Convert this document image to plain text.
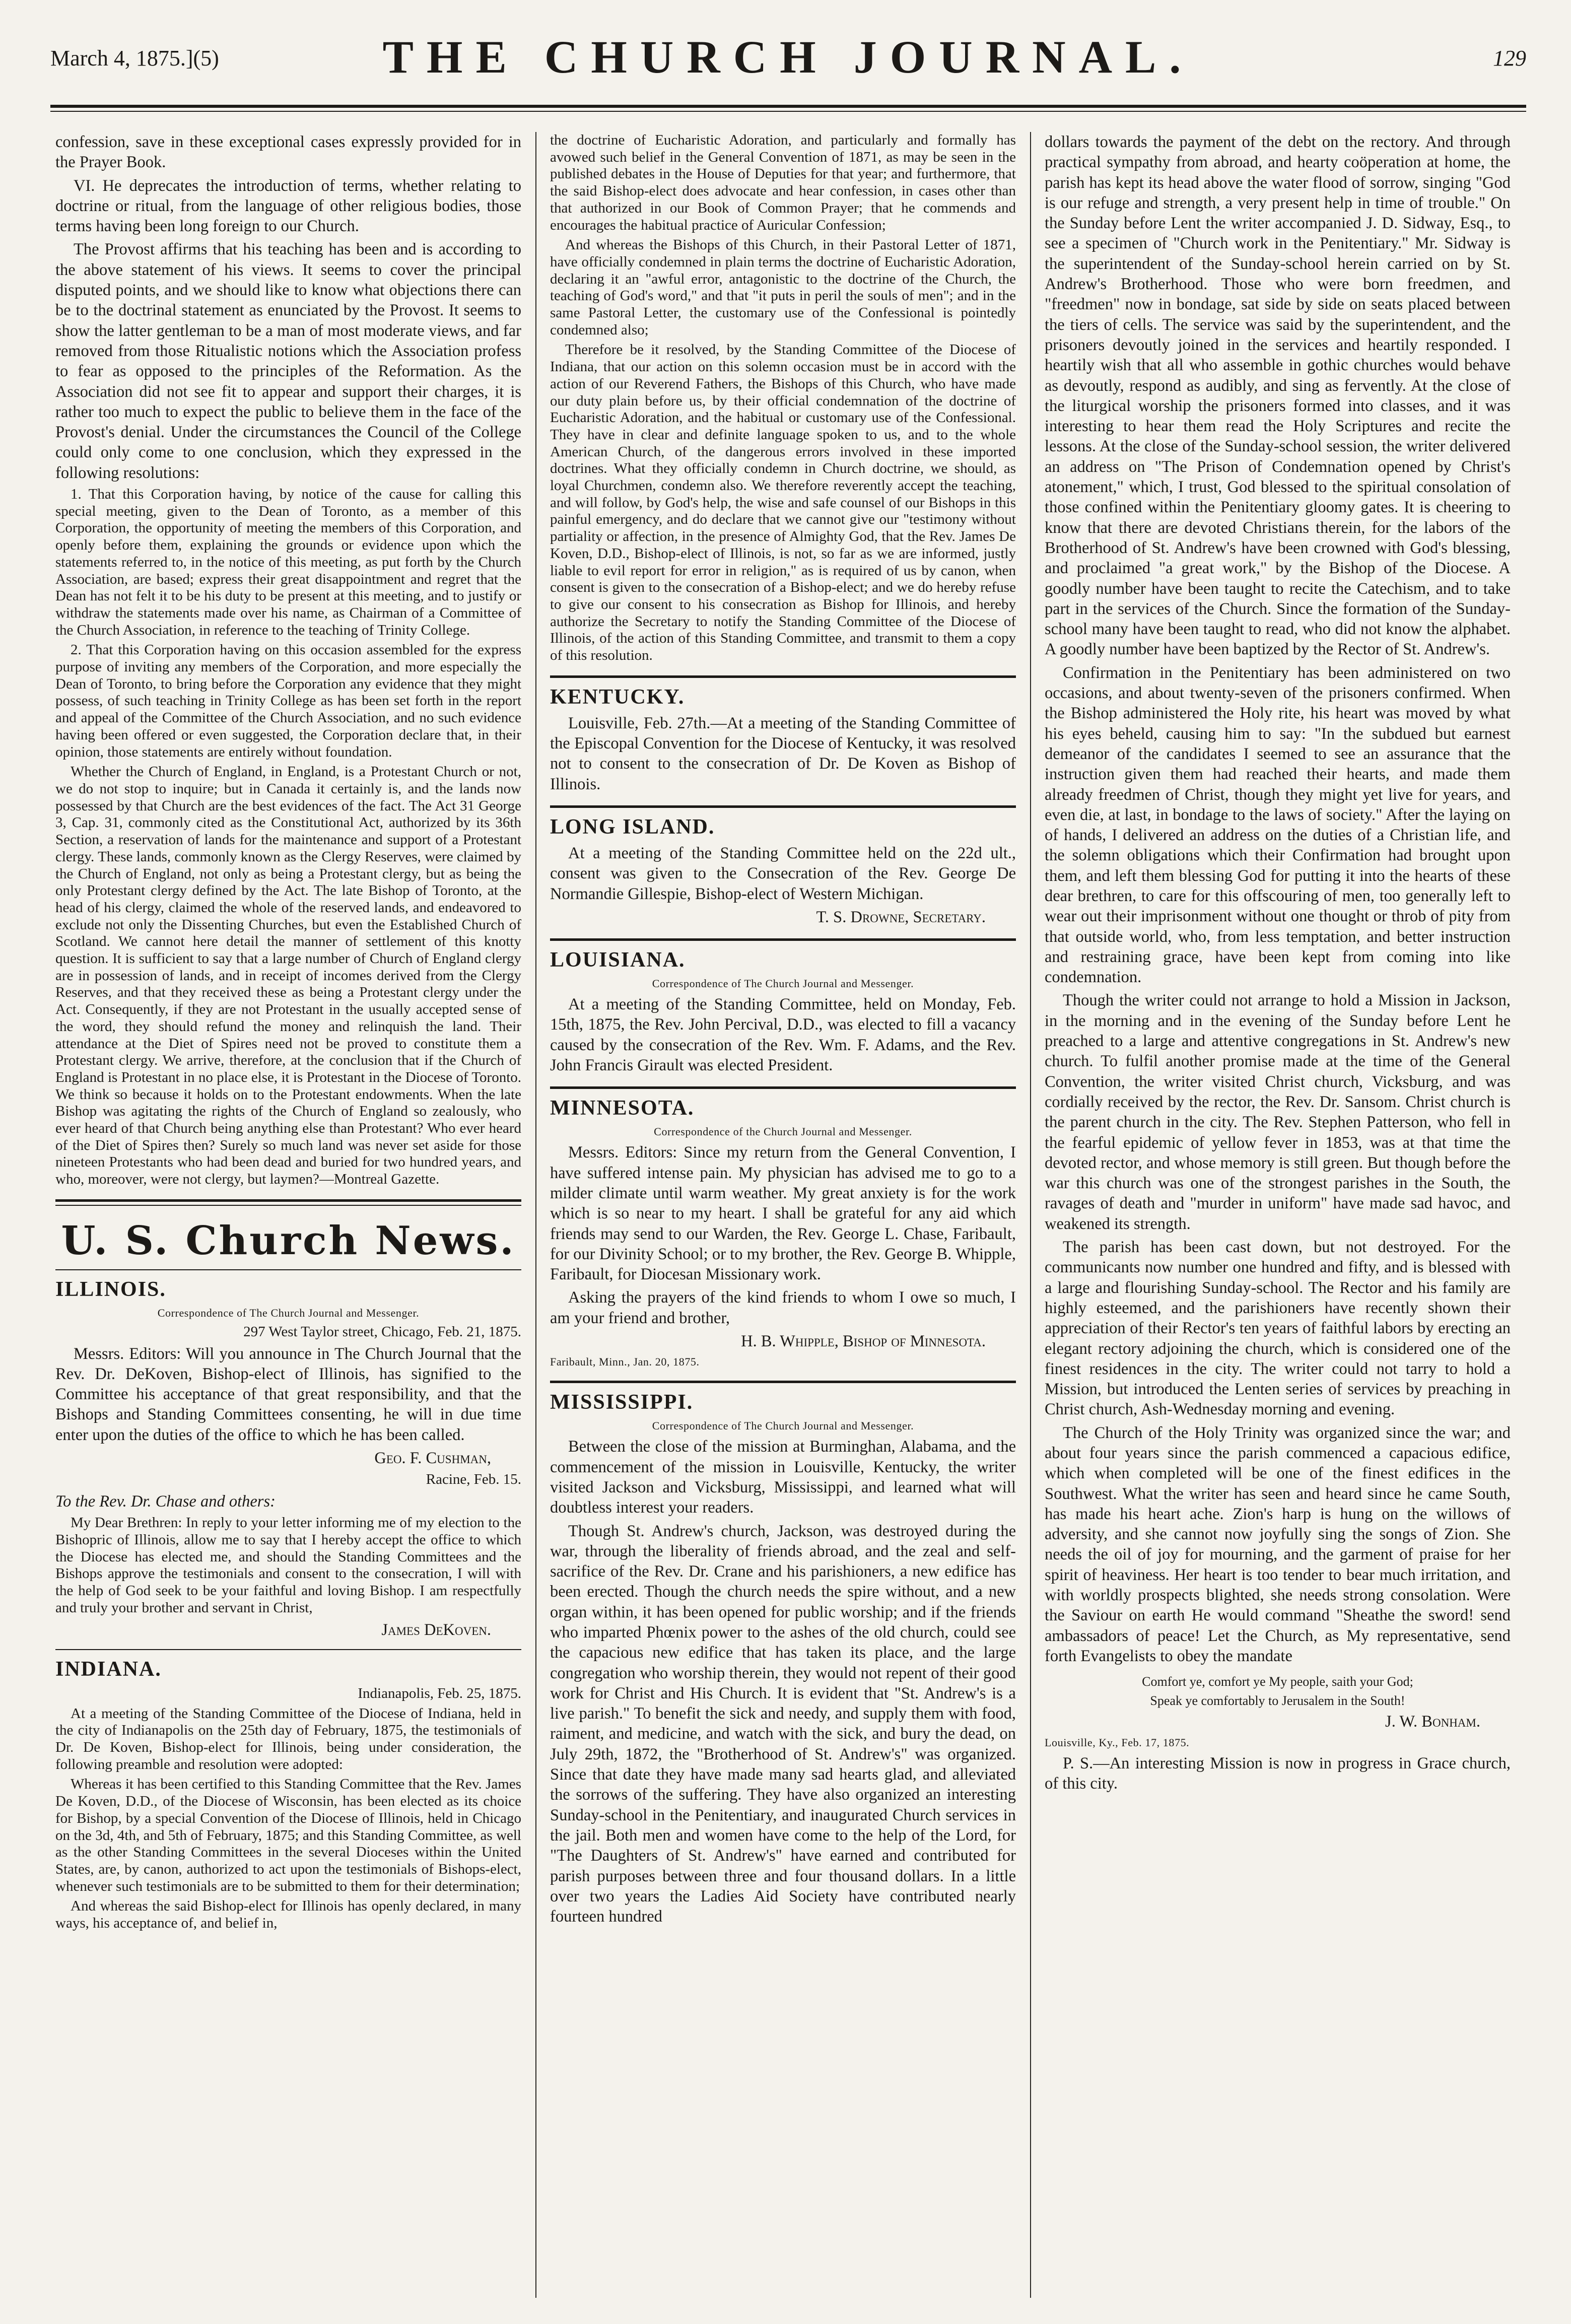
March 4, 1875.](5)	THE CHURCH JOURNAL.	129

confession, save in these exceptional cases expressly provided for in the Prayer Book.

VI. He deprecates the introduction of terms, whether relating to doctrine or ritual, from the language of other religious bodies, those terms having been long foreign to our Church.

The Provost affirms that his teaching has been and is according to the above statement of his views. It seems to cover the principal disputed points, and we should like to know what objections there can be to the doctrinal statement as enunciated by the Provost. It seems to show the latter gentleman to be a man of most moderate views, and far removed from those Ritualistic notions which the Association profess to fear as opposed to the principles of the Reformation. As the Association did not see fit to appear and support their charges, it is rather too much to expect the public to believe them in the face of the Provost's denial. Under the circumstances the Council of the College could only come to one conclusion, which they expressed in the following resolutions:

1. That this Corporation having, by notice of the cause for calling this special meeting, given to the Dean of Toronto, as a member of this Corporation, the opportunity of meeting the members of this Corporation, and openly before them, explaining the grounds or evidence upon which the statements referred to, in the notice of this meeting, as put forth by the Church Association, are based; express their great disappointment and regret that the Dean has not felt it to be his duty to be present at this meeting, and to justify or withdraw the statements made over his name, as Chairman of a Committee of the Church Association, in reference to the teaching of Trinity College.

2. That this Corporation having on this occasion assembled for the express purpose of inviting any members of the Corporation, and more especially the Dean of Toronto, to bring before the Corporation any evidence that they might possess, of such teaching in Trinity College as has been set forth in the report and appeal of the Committee of the Church Association, and no such evidence having been offered or even suggested, the Corporation declare that, in their opinion, those statements are entirely without foundation.

Whether the Church of England, in England, is a Protestant Church or not, we do not stop to inquire; but in Canada it certainly is, and the lands now possessed by that Church are the best evidences of the fact. The Act 31 George 3, Cap. 31, commonly cited as the Constitutional Act, authorized by its 36th Section, a reservation of lands for the maintenance and support of a Protestant clergy. These lands, commonly known as the Clergy Reserves, were claimed by the Church of England, not only as being a Protestant clergy, but as being the only Protestant clergy defined by the Act. The late Bishop of Toronto, at the head of his clergy, claimed the whole of the reserved lands, and endeavored to exclude not only the Dissenting Churches, but even the Established Church of Scotland. We cannot here detail the manner of settlement of this knotty question. It is sufficient to say that a large number of Church of England clergy are in possession of lands, and in receipt of incomes derived from the Clergy Reserves, and that they received these as being a Protestant clergy under the Act. Consequently, if they are not Protestant in the usually accepted sense of the word, they should refund the money and relinquish the land. Their attendance at the Diet of Spires need not be proved to constitute them a Protestant clergy. We arrive, therefore, at the conclusion that if the Church of England is Protestant in no place else, it is Protestant in the Diocese of Toronto. We think so because it holds on to the Protestant endowments. When the late Bishop was agitating the rights of the Church of England so zealously, who ever heard of that Church being anything else than Protestant? Who ever heard of the Diet of Spires then? Surely so much land was never set aside for those nineteen Protestants who had been dead and buried for two hundred years, and who, moreover, were not clergy, but laymen?—Montreal Gazette.

U. S. Church News.
ILLINOIS.

Correspondence of The Church Journal and Messenger.

297 West Taylor street, Chicago, Feb. 21, 1875.

Messrs. Editors: Will you announce in The Church Journal that the Rev. Dr. DeKoven, Bishop-elect of Illinois, has signified to the Committee his acceptance of that great responsibility, and that the Bishops and Standing Committees consenting, he will in due time enter upon the duties of the office to which he has been called.

Geo. F. Cushman,

Racine, Feb. 15.

To the Rev. Dr. Chase and others:

My Dear Brethren: In reply to your letter informing me of my election to the Bishopric of Illinois, allow me to say that I hereby accept the office to which the Diocese has elected me, and should the Standing Committees and the Bishops approve the testimonials and consent to the consecration, I will with the help of God seek to be your faithful and loving Bishop. I am respectfully and truly your brother and servant in Christ,

James DeKoven.

INDIANA.

Indianapolis, Feb. 25, 1875.

At a meeting of the Standing Committee of the Diocese of Indiana, held in the city of Indianapolis on the 25th day of February, 1875, the testimonials of Dr. De Koven, Bishop-elect for Illinois, being under consideration, the following preamble and resolution were adopted:

Whereas it has been certified to this Standing Committee that the Rev. James De Koven, D.D., of the Diocese of Wisconsin, has been elected as its choice for Bishop, by a special Convention of the Diocese of Illinois, held in Chicago on the 3d, 4th, and 5th of February, 1875; and this Standing Committee, as well as the other Standing Committees in the several Dioceses within the United States, are, by canon, authorized to act upon the testimonials of Bishops-elect, whenever such testimonials are to be submitted to them for their determination;

And whereas the said Bishop-elect for Illinois has openly declared, in many ways, his acceptance of, and belief in,

the doctrine of Eucharistic Adoration, and particularly and formally has avowed such belief in the General Convention of 1871, as may be seen in the published debates in the House of Deputies for that year; and furthermore, that the said Bishop-elect does advocate and hear confession, in cases other than that authorized in our Book of Common Prayer; that he commends and encourages the habitual practice of Auricular Confession;

And whereas the Bishops of this Church, in their Pastoral Letter of 1871, have officially condemned in plain terms the doctrine of Eucharistic Adoration, declaring it an "awful error, antagonistic to the doctrine of the Church, the teaching of God's word," and that "it puts in peril the souls of men"; and in the same Pastoral Letter, the customary use of the Confessional is pointedly condemned also;

Therefore be it resolved, by the Standing Committee of the Diocese of Indiana, that our action on this solemn occasion must be in accord with the action of our Reverend Fathers, the Bishops of this Church, who have made our duty plain before us, by their official condemnation of the doctrine of Eucharistic Adoration, and the habitual or customary use of the Confessional. They have in clear and definite language spoken to us, and to the whole American Church, of the dangerous errors involved in these imported doctrines. What they officially condemn in Church doctrine, we should, as loyal Churchmen, condemn also. We therefore reverently accept the teaching, and will follow, by God's help, the wise and safe counsel of our Bishops in this painful emergency, and do declare that we cannot give our "testimony without partiality or affection, in the presence of Almighty God, that the Rev. James De Koven, D.D., Bishop-elect of Illinois, is not, so far as we are informed, justly liable to evil report for error in religion," as is required of us by canon, when consent is given to the consecration of a Bishop-elect; and we do hereby refuse to give our consent to his consecration as Bishop for Illinois, and hereby authorize the Secretary to notify the Standing Committee of the Diocese of Illinois, of the action of this Standing Committee, and transmit to them a copy of this resolution.

KENTUCKY.

Louisville, Feb. 27th.—At a meeting of the Standing Committee of the Episcopal Convention for the Diocese of Kentucky, it was resolved not to consent to the consecration of Dr. De Koven as Bishop of Illinois.

LONG ISLAND.

At a meeting of the Standing Committee held on the 22d ult., consent was given to the Consecration of the Rev. George De Normandie Gillespie, Bishop-elect of Western Michigan.

T. S. Drowne, Secretary.

LOUISIANA.

Correspondence of The Church Journal and Messenger.

At a meeting of the Standing Committee, held on Monday, Feb. 15th, 1875, the Rev. John Percival, D.D., was elected to fill a vacancy caused by the consecration of the Rev. Wm. F. Adams, and the Rev. John Francis Girault was elected President.

MINNESOTA.

Correspondence of the Church Journal and Messenger.

Messrs. Editors: Since my return from the General Convention, I have suffered intense pain. My physician has advised me to go to a milder climate until warm weather. My great anxiety is for the work which is so near to my heart. I shall be grateful for any aid which friends may send to our Warden, the Rev. George L. Chase, Faribault, for our Divinity School; or to my brother, the Rev. George B. Whipple, Faribault, for Diocesan Missionary work.

Asking the prayers of the kind friends to whom I owe so much, I am your friend and brother,

H. B. Whipple, Bishop of Minnesota.

Faribault, Minn., Jan. 20, 1875.

MISSISSIPPI.

Correspondence of The Church Journal and Messenger.

Between the close of the mission at Burminghan, Alabama, and the commencement of the mission in Louisville, Kentucky, the writer visited Jackson and Vicksburg, Mississippi, and learned what will doubtless interest your readers.

Though St. Andrew's church, Jackson, was destroyed during the war, through the liberality of friends abroad, and the zeal and self-sacrifice of the Rev. Dr. Crane and his parishioners, a new edifice has been erected. Though the church needs the spire without, and a new organ within, it has been opened for public worship; and if the friends who imparted Phœnix power to the ashes of the old church, could see the capacious new edifice that has taken its place, and the large congregation who worship therein, they would not repent of their good work for Christ and His Church. It is evident that "St. Andrew's is a live parish." To benefit the sick and needy, and supply them with food, raiment, and medicine, and watch with the sick, and bury the dead, on July 29th, 1872, the "Brotherhood of St. Andrew's" was organized. Since that date they have made many sad hearts glad, and alleviated the sorrows of the suffering. They have also organized an interesting Sunday-school in the Penitentiary, and inaugurated Church services in the jail. Both men and women have come to the help of the Lord, for "The Daughters of St. Andrew's" have earned and contributed for parish purposes between three and four thousand dollars. In a little over two years the Ladies Aid Society have contributed nearly fourteen hundred

dollars towards the payment of the debt on the rectory. And through practical sympathy from abroad, and hearty coöperation at home, the parish has kept its head above the water flood of sorrow, singing "God is our refuge and strength, a very present help in time of trouble." On the Sunday before Lent the writer accompanied J. D. Sidway, Esq., to see a specimen of "Church work in the Penitentiary." Mr. Sidway is the superintendent of the Sunday-school herein carried on by St. Andrew's Brotherhood. Those who were born freedmen, and "freedmen" now in bondage, sat side by side on seats placed between the tiers of cells. The service was said by the superintendent, and the prisoners devoutly joined in the services and heartily responded. I heartily wish that all who assemble in gothic churches would behave as devoutly, respond as audibly, and sing as fervently. At the close of the liturgical worship the prisoners formed into classes, and it was interesting to hear them read the Holy Scriptures and recite the lessons. At the close of the Sunday-school session, the writer delivered an address on "The Prison of Condemnation opened by Christ's atonement," which, I trust, God blessed to the spiritual consolation of those confined within the Penitentiary gloomy gates. It is cheering to know that there are devoted Christians therein, for the labors of the Brotherhood of St. Andrew's have been crowned with God's blessing, and proclaimed "a great work," by the Bishop of the Diocese. A goodly number have been taught to recite the Catechism, and to take part in the services of the Church. Since the formation of the Sunday-school many have been taught to read, who did not know the alphabet. A goodly number have been baptized by the Rector of St. Andrew's.

Confirmation in the Penitentiary has been administered on two occasions, and about twenty-seven of the prisoners confirmed. When the Bishop administered the Holy rite, his heart was moved by what his eyes beheld, causing him to say: "In the subdued but earnest demeanor of the candidates I seemed to see an assurance that the instruction given them had reached their hearts, and made them already freedmen of Christ, though they might yet live for years, and even die, at last, in bondage to the laws of society." After the laying on of hands, I delivered an address on the duties of a Christian life, and the solemn obligations which their Confirmation had brought upon them, and left them blessing God for putting it into the hearts of these dear brethren, to care for this offscouring of men, too generally left to wear out their imprisonment without one thought or throb of pity from that outside world, who, from less temptation, and better instruction and restraining grace, have been kept from coming into like condemnation.

Though the writer could not arrange to hold a Mission in Jackson, in the morning and in the evening of the Sunday before Lent he preached to a large and attentive congregations in St. Andrew's new church. To fulfil another promise made at the time of the General Convention, the writer visited Christ church, Vicksburg, and was cordially received by the rector, the Rev. Dr. Sansom. Christ church is the parent church in the city. The Rev. Stephen Patterson, who fell in the fearful epidemic of yellow fever in 1853, was at that time the devoted rector, and whose memory is still green. But though before the war this church was one of the strongest parishes in the South, the ravages of death and "murder in uniform" have made sad havoc, and weakened its strength.

The parish has been cast down, but not destroyed. For the communicants now number one hundred and fifty, and is blessed with a large and flourishing Sunday-school. The Rector and his family are highly esteemed, and the parishioners have recently shown their appreciation of their Rector's ten years of faithful labors by erecting an elegant rectory adjoining the church, which is considered one of the finest residences in the city. The writer could not tarry to hold a Mission, but introduced the Lenten series of services by preaching in Christ church, Ash-Wednesday morning and evening.

The Church of the Holy Trinity was organized since the war; and about four years since the parish commenced a capacious edifice, which when completed will be one of the finest edifices in the Southwest. What the writer has seen and heard since he came South, has made his heart ache. Zion's harp is hung on the willows of adversity, and she cannot now joyfully sing the songs of Zion. She needs the oil of joy for mourning, and the garment of praise for her spirit of heaviness. Her heart is too tender to bear much irritation, and with worldly prospects blighted, she needs strong consolation. Were the Saviour on earth He would command "Sheathe the sword! send ambassadors of peace! Let the Church, as My representative, send forth Evangelists to obey the mandate

Comfort ye, comfort ye My people, saith your God;

Speak ye comfortably to Jerusalem in the South!

J. W. Bonham.

Louisville, Ky., Feb. 17, 1875.

P. S.—An interesting Mission is now in progress in Grace church, of this city.
